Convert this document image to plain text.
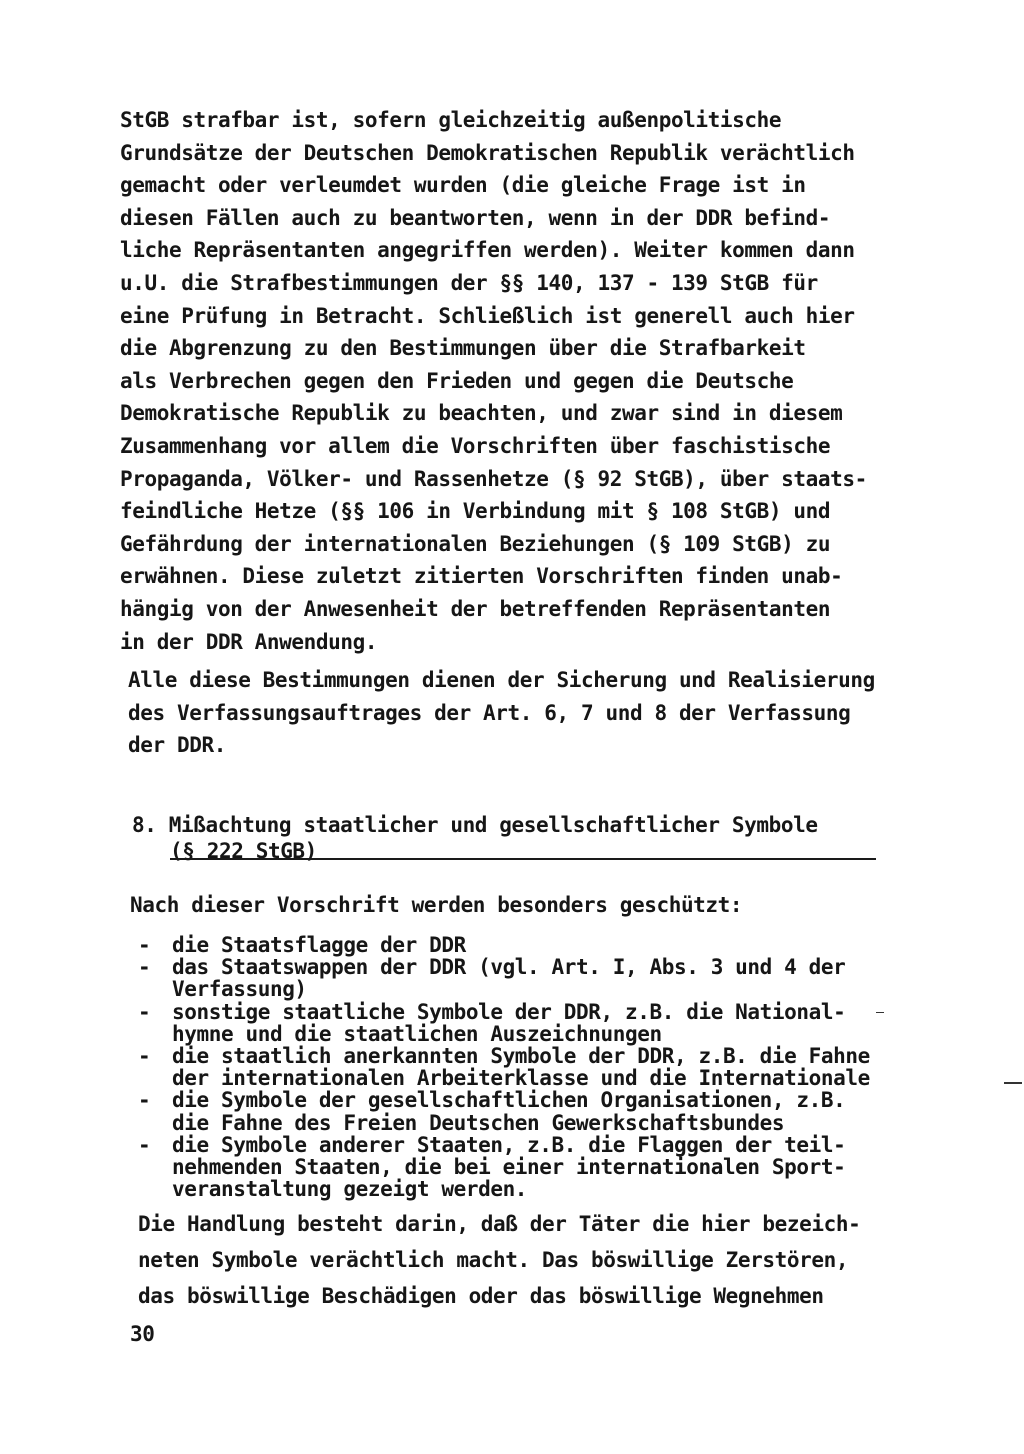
StGB strafbar ist, sofern gleichzeitig außenpolitische
Grundsätze der Deutschen Demokratischen Republik verächtlich
gemacht oder verleumdet wurden (die gleiche Frage ist in
diesen Fällen auch zu beantworten, wenn in der DDR befind-
liche Repräsentanten angegriffen werden). Weiter kommen dann
u.U. die Strafbestimmungen der §§ 140, 137 - 139 StGB für
eine Prüfung in Betracht. Schließlich ist generell auch hier
die Abgrenzung zu den Bestimmungen über die Strafbarkeit
als Verbrechen gegen den Frieden und gegen die Deutsche
Demokratische Republik zu beachten, und zwar sind in diesem
Zusammenhang vor allem die Vorschriften über faschistische
Propaganda, Völker- und Rassenhetze (§ 92 StGB), über staats-
feindliche Hetze (§§ 106 in Verbindung mit § 108 StGB) und
Gefährdung der internationalen Beziehungen (§ 109 StGB) zu
erwähnen. Diese zuletzt zitierten Vorschriften finden unab-
hängig von der Anwesenheit der betreffenden Repräsentanten
in der DDR Anwendung.
Alle diese Bestimmungen dienen der Sicherung und Realisierung
des Verfassungsauftrages der Art. 6, 7 und 8 der Verfassung
der DDR.
8. Mißachtung staatlicher und gesellschaftlicher Symbole
(§ 222 StGB)
Nach dieser Vorschrift werden besonders geschützt:
- die Staatsflagge der DDR
- das Staatswappen der DDR (vgl. Art. I, Abs. 3 und 4 der
Verfassung)
- sonstige staatliche Symbole der DDR, z.B. die National-
hymne und die staatlichen Auszeichnungen
- die staatlich anerkannten Symbole der DDR, z.B. die Fahne
der internationalen Arbeiterklasse und die Internationale
- die Symbole der gesellschaftlichen Organisationen, z.B.
die Fahne des Freien Deutschen Gewerkschaftsbundes
- die Symbole anderer Staaten, z.B. die Flaggen der teil-
nehmenden Staaten, die bei einer internationalen Sport-
veranstaltung gezeigt werden.
Die Handlung besteht darin, daß der Täter die hier bezeich-
neten Symbole verächtlich macht. Das böswillige Zerstören,
das böswillige Beschädigen oder das böswillige Wegnehmen
30
